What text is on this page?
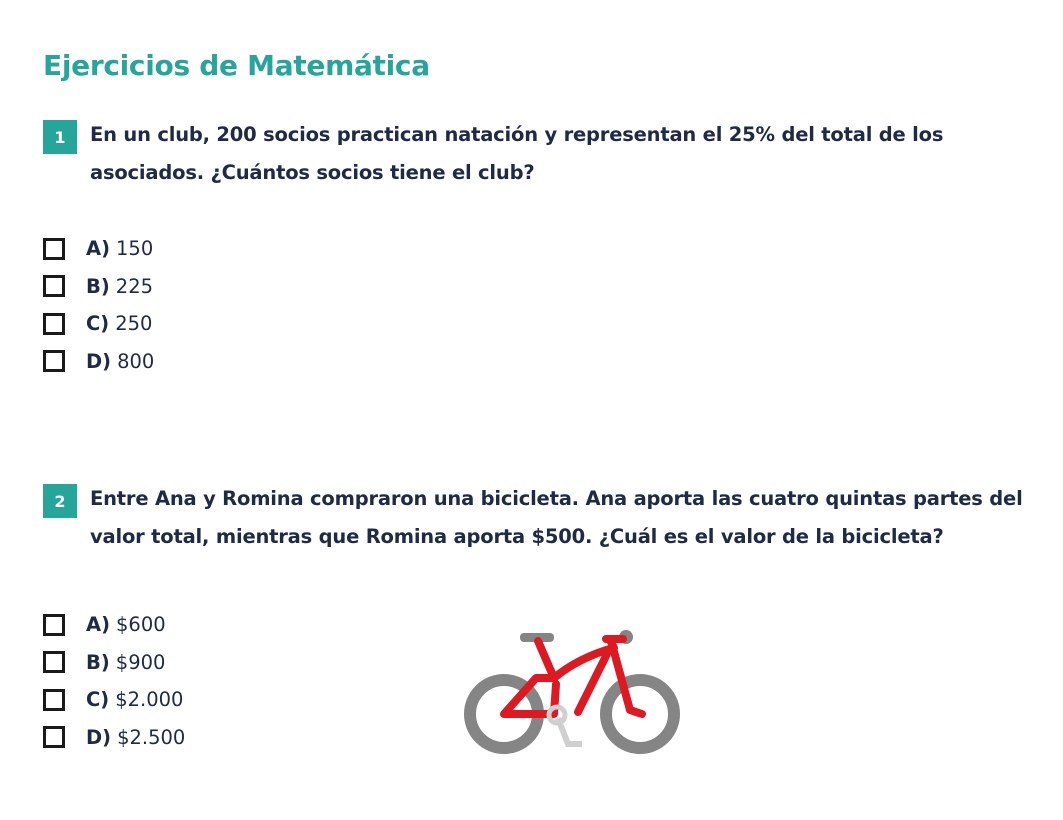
Ejercicios de Matemática
1	En un club, 200 socios practican natación y representan el 25% del total de los asociados. ¿Cuántos socios tiene el club?
A) 150
B) 225
C) 250
D) 800
2	Entre Ana y Romina compraron una bicicleta. Ana aporta las cuatro quintas partes del valor total, mientras que Romina aporta $500. ¿Cuál es el valor de la bicicleta?
A) $600
B) $900
C) $2.000
D) $2.500
